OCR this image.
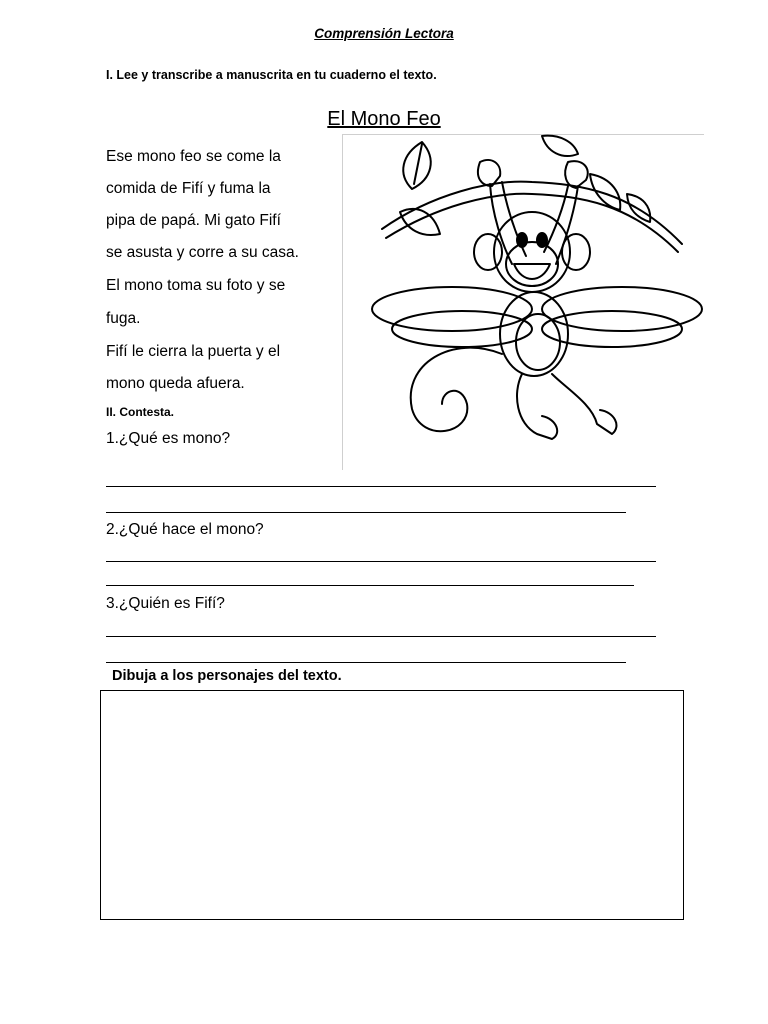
Comprensión Lectora
I. Lee y transcribe a manuscrita en tu cuaderno el texto.
El Mono Feo
Ese mono feo se come la
comida de Fifí y fuma la
pipa de papá. Mi gato Fifí
se asusta y corre a su casa.
El mono toma su foto y se
fuga.
Fifí le cierra la puerta y el
mono queda afuera.
II. Contesta.
1.¿Qué es mono?
2.¿Qué hace el mono?
3.¿Quién es Fifí?
Dibuja a los personajes del texto.
